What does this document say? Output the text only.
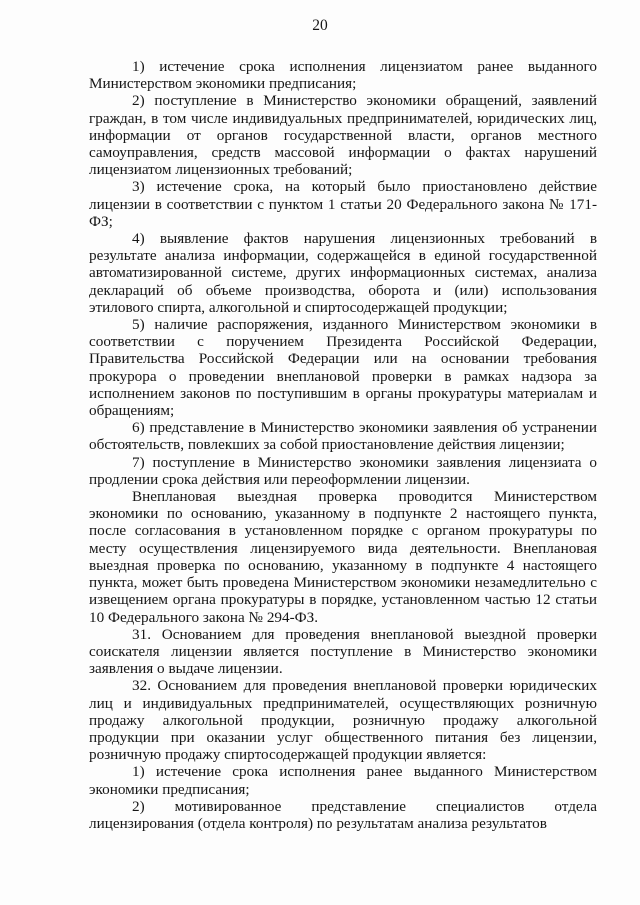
20

1) истечение срока исполнения лицензиатом ранее выданного Министерством экономики предписания;

2) поступление в Министерство экономики обращений, заявлений граждан, в том числе индивидуальных предпринимателей, юридических лиц, информации от органов государственной власти, органов местного самоуправления, средств массовой информации о фактах нарушений лицензиатом лицензионных требований;

3) истечение срока, на который было приостановлено действие лицензии в соответствии с пунктом 1 статьи 20 Федерального закона № 171-ФЗ;

4) выявление фактов нарушения лицензионных требований в результате анализа информации, содержащейся в единой государственной автоматизированной системе, других информационных системах, анализа деклараций об объеме производства, оборота и (или) использования этилового спирта, алкогольной и спиртосодержащей продукции;

5) наличие распоряжения, изданного Министерством экономики в соответствии с поручением Президента Российской Федерации, Правительства Российской Федерации или на основании требования прокурора о проведении внеплановой проверки в рамках надзора за исполнением законов по поступившим в органы прокуратуры материалам и обращениям;

6) представление в Министерство экономики заявления об устранении обстоятельств, повлекших за собой приостановление действия лицензии;

7) поступление в Министерство экономики заявления лицензиата о продлении срока действия или переоформлении лицензии.

Внеплановая выездная проверка проводится Министерством экономики по основанию, указанному в подпункте 2 настоящего пункта, после согласования в установленном порядке с органом прокуратуры по месту осуществления лицензируемого вида деятельности. Внеплановая выездная проверка по основанию, указанному в подпункте 4 настоящего пункта, может быть проведена Министерством экономики незамедлительно с извещением органа прокуратуры в порядке, установленном частью 12 статьи 10 Федерального закона № 294-ФЗ.

31. Основанием для проведения внеплановой выездной проверки соискателя лицензии является поступление в Министерство экономики заявления о выдаче лицензии.

32. Основанием для проведения внеплановой проверки юридических лиц и индивидуальных предпринимателей, осуществляющих розничную продажу алкогольной продукции, розничную продажу алкогольной продукции при оказании услуг общественного питания без лицензии, розничную продажу спиртосодержащей продукции является:

1) истечение срока исполнения ранее выданного Министерством экономики предписания;

2) мотивированное представление специалистов отдела лицензирования (отдела контроля) по результатам анализа результатов
